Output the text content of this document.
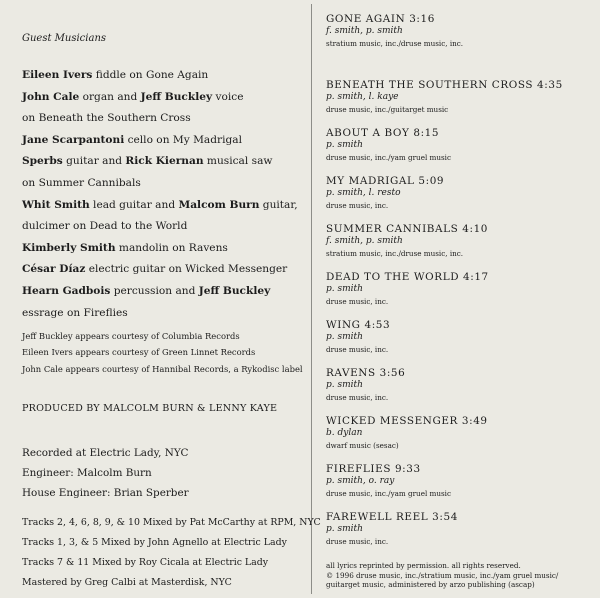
Guest Musicians
Eileen Ivers fiddle on Gone Again
John Cale organ and Jeff Buckley voice
on Beneath the Southern Cross
Jane Scarpantoni cello on My Madrigal
Sperbs guitar and Rick Kiernan musical saw
on Summer Cannibals
Whit Smith lead guitar and Malcom Burn guitar,
dulcimer on Dead to the World
Kimberly Smith mandolin on Ravens
César Díaz electric guitar on Wicked Messenger
Hearn Gadbois percussion and Jeff Buckley
essrage on Fireflies
Jeff Buckley appears courtesy of Columbia Records
Eileen Ivers appears courtesy of Green Linnet Records
John Cale appears courtesy of Hannibal Records, a Rykodisc label
PRODUCED BY MALCOLM BURN & LENNY KAYE
Recorded at Electric Lady, NYC
Engineer: Malcolm Burn
House Engineer: Brian Sperber
Tracks 2, 4, 6, 8, 9, & 10 Mixed by Pat McCarthy at RPM, NYC
Tracks 1, 3, & 5 Mixed by John Agnello at Electric Lady
Tracks 7 & 11 Mixed by Roy Cicala at Electric Lady
Mastered by Greg Calbi at Masterdisk, NYC
GONE AGAIN 3:16
f. smith, p. smith
stratium music, inc./druse music, inc.
BENEATH THE SOUTHERN CROSS 4:35
p. smith, l. kaye
druse music, inc./guitarget music
ABOUT A BOY 8:15
p. smith
druse music, inc./yam gruel music
MY MADRIGAL 5:09
p. smith, l. resto
druse music, inc.
SUMMER CANNIBALS 4:10
f. smith, p. smith
stratium music, inc./druse music, inc.
DEAD TO THE WORLD 4:17
p. smith
druse music, inc.
WING 4:53
p. smith
druse music, inc.
RAVENS 3:56
p. smith
druse music, inc.
WICKED MESSENGER 3:49
b. dylan
dwarf music (sesac)
FIREFLIES 9:33
p. smith, o. ray
druse music, inc./yam gruel music
FAREWELL REEL 3:54
p. smith
druse music, inc.
all lyrics reprinted by permission. all rights reserved.
© 1996 druse music, inc./stratium music, inc./yam gruel music/
guitarget music, administered by arzo publishing (ascap)
